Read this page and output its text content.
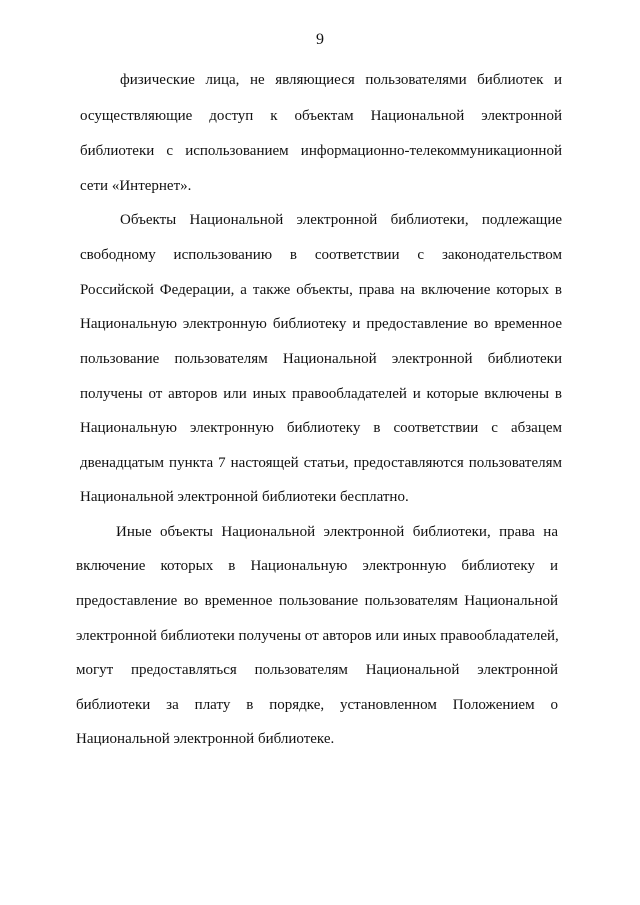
9
физические лица, не являющиеся пользователями библиотек и
осуществляющие доступ к объектам Национальной электронной
библиотеки с использованием информационно-телекоммуникационной
сети «Интернет».
Объекты Национальной электронной библиотеки, подлежащие
свободному использованию в соответствии с законодательством
Российской Федерации, а также объекты, права на включение которых в
Национальную электронную библиотеку и предоставление во временное
пользование пользователям Национальной электронной библиотеки
получены от авторов или иных правообладателей и которые включены в
Национальную электронную библиотеку в соответствии с абзацем
двенадцатым пункта 7 настоящей статьи, предоставляются пользователям
Национальной электронной библиотеки бесплатно.
Иные объекты Национальной электронной библиотеки, права на
включение которых в Национальную электронную библиотеку и
предоставление во временное пользование пользователям Национальной
электронной библиотеки получены от авторов или иных правообладателей,
могут предоставляться пользователям Национальной электронной
библиотеки за плату в порядке, установленном Положением о
Национальной электронной библиотеке.
